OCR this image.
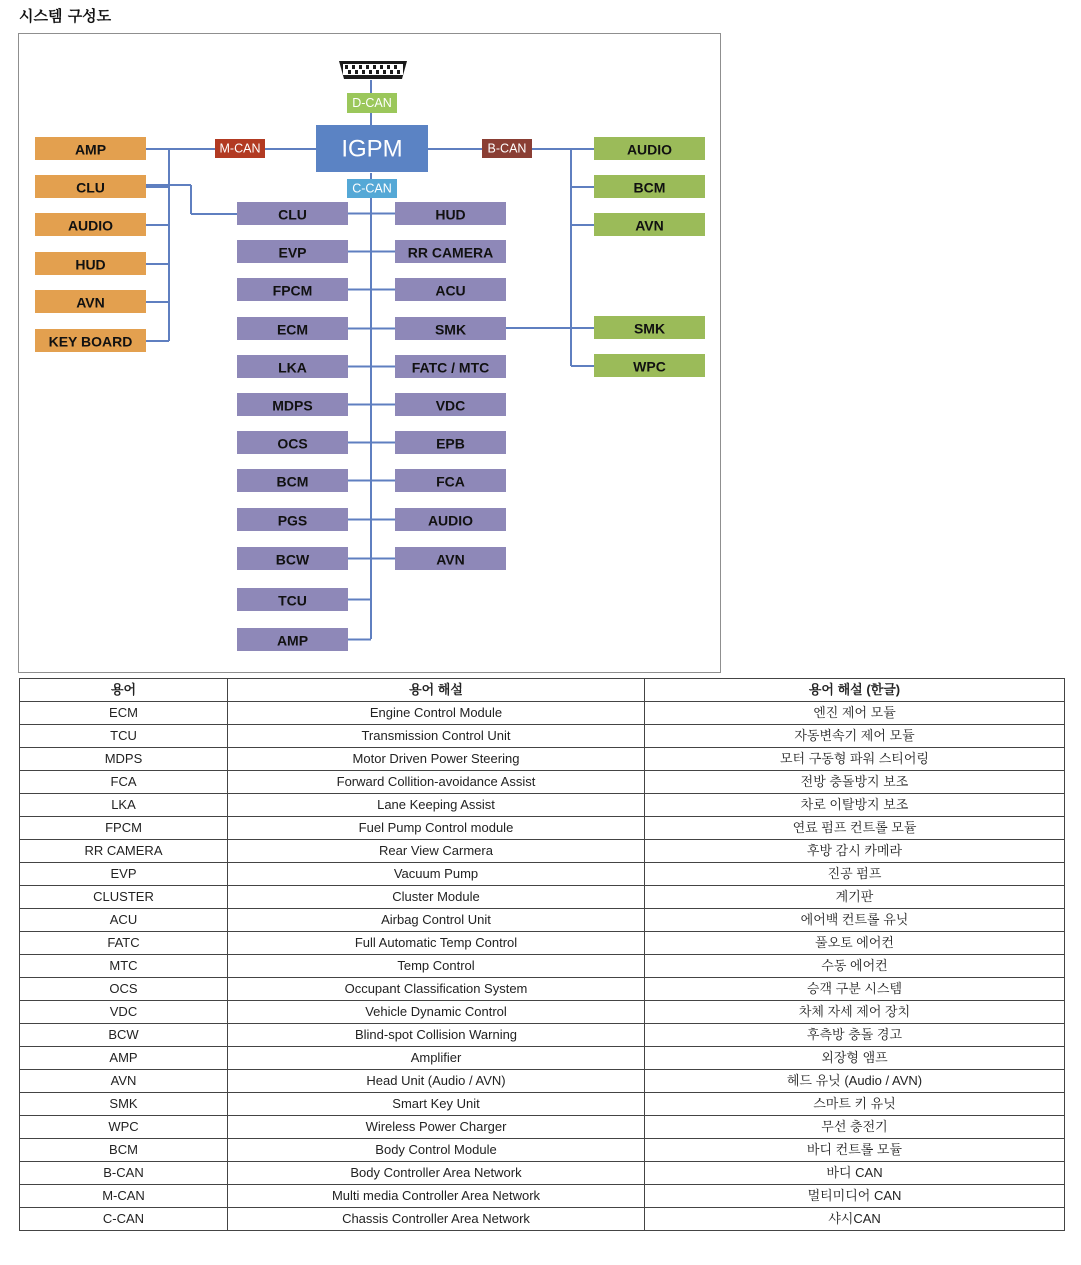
시스템 구성도
IGPM
D-CAN
M-CAN	B-CAN
C-CAN
AMP
CLU
AUDIO
HUD
AVN
KEY BOARD
AUDIO
BCM
AVN
SMK
WPC
CLU
EVP
FPCM
ECM
LKA
MDPS
OCS
BCM
PGS
BCW
TCU
AMP
HUD
RR CAMERA
ACU
SMK
FATC / MTC
VDC
EPB
FCA
AUDIO
AVN
용어	용어 해설	용어 해설 (한글)
ECM	Engine Control Module	엔진 제어 모듈
TCU	Transmission Control Unit	자동변속기 제어 모듈
MDPS	Motor Driven Power Steering	모터 구동형 파워 스티어링
FCA	Forward Collition-avoidance Assist	전방 충돌방지 보조
LKA	Lane Keeping Assist	차로 이탈방지 보조
FPCM	Fuel Pump Control module	연료 펌프 컨트롤 모듈
RR CAMERA	Rear View Carmera	후방 감시 카메라
EVP	Vacuum Pump	진공 펌프
CLUSTER	Cluster Module	계기판
ACU	Airbag Control Unit	에어백 컨트롤 유닛
FATC	Full Automatic Temp Control	풀오토 에어컨
MTC	Temp Control	수동 에어컨
OCS	Occupant Classification System	승객 구분 시스템
VDC	Vehicle Dynamic Control	차체 자세 제어 장치
BCW	Blind-spot Collision Warning	후측방 충돌 경고
AMP	Amplifier	외장형 앰프
AVN	Head Unit (Audio / AVN)	헤드 유닛 (Audio / AVN)
SMK	Smart Key Unit	스마트 키 유닛
WPC	Wireless Power Charger	무선 충전기
BCM	Body Control Module	바디 컨트롤 모듈
B-CAN	Body Controller Area Network	바디 CAN
M-CAN	Multi media Controller Area Network	멀티미디어 CAN
C-CAN	Chassis Controller Area Network	샤시CAN
